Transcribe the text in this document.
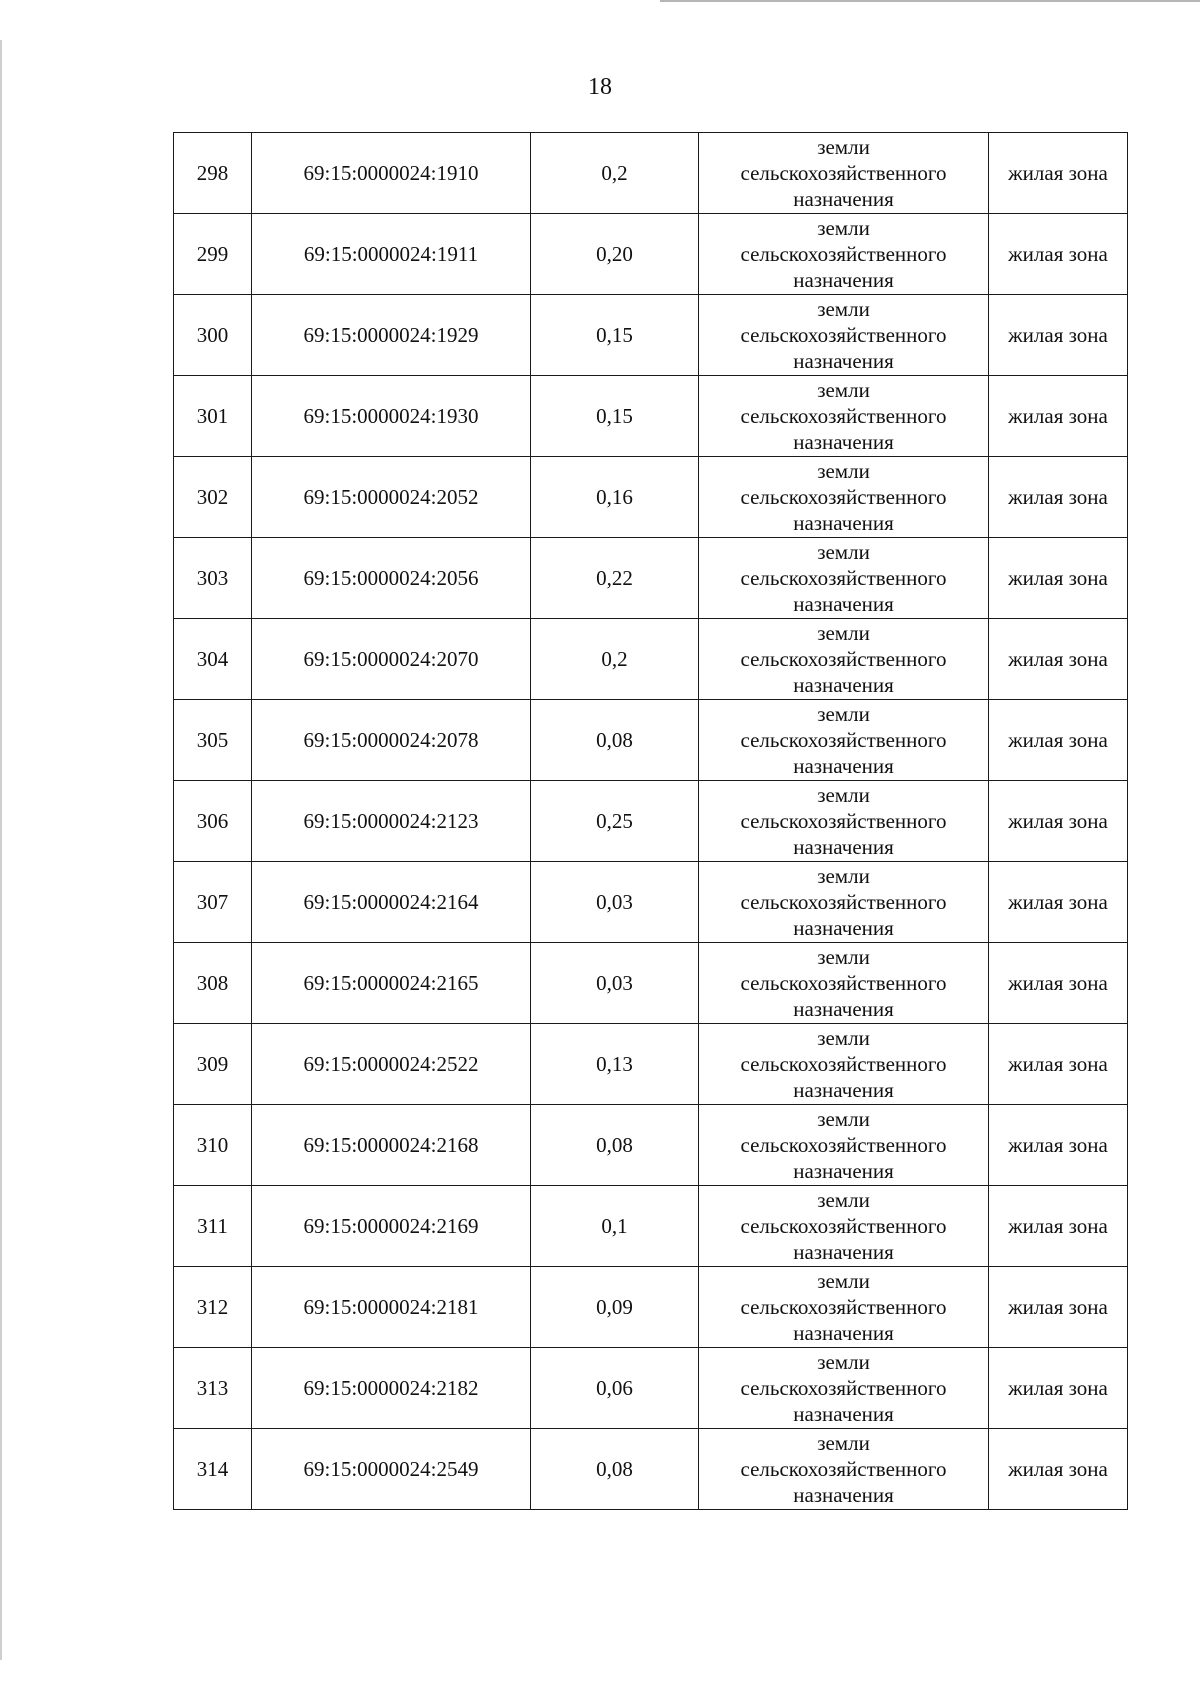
18
298	69:15:0000024:1910	0,2	земли
сельскохозяйственного
назначения	жилая зона
299	69:15:0000024:1911	0,20	земли
сельскохозяйственного
назначения	жилая зона
300	69:15:0000024:1929	0,15	земли
сельскохозяйственного
назначения	жилая зона
301	69:15:0000024:1930	0,15	земли
сельскохозяйственного
назначения	жилая зона
302	69:15:0000024:2052	0,16	земли
сельскохозяйственного
назначения	жилая зона
303	69:15:0000024:2056	0,22	земли
сельскохозяйственного
назначения	жилая зона
304	69:15:0000024:2070	0,2	земли
сельскохозяйственного
назначения	жилая зона
305	69:15:0000024:2078	0,08	земли
сельскохозяйственного
назначения	жилая зона
306	69:15:0000024:2123	0,25	земли
сельскохозяйственного
назначения	жилая зона
307	69:15:0000024:2164	0,03	земли
сельскохозяйственного
назначения	жилая зона
308	69:15:0000024:2165	0,03	земли
сельскохозяйственного
назначения	жилая зона
309	69:15:0000024:2522	0,13	земли
сельскохозяйственного
назначения	жилая зона
310	69:15:0000024:2168	0,08	земли
сельскохозяйственного
назначения	жилая зона
311	69:15:0000024:2169	0,1	земли
сельскохозяйственного
назначения	жилая зона
312	69:15:0000024:2181	0,09	земли
сельскохозяйственного
назначения	жилая зона
313	69:15:0000024:2182	0,06	земли
сельскохозяйственного
назначения	жилая зона
314	69:15:0000024:2549	0,08	земли
сельскохозяйственного
назначения	жилая зона
